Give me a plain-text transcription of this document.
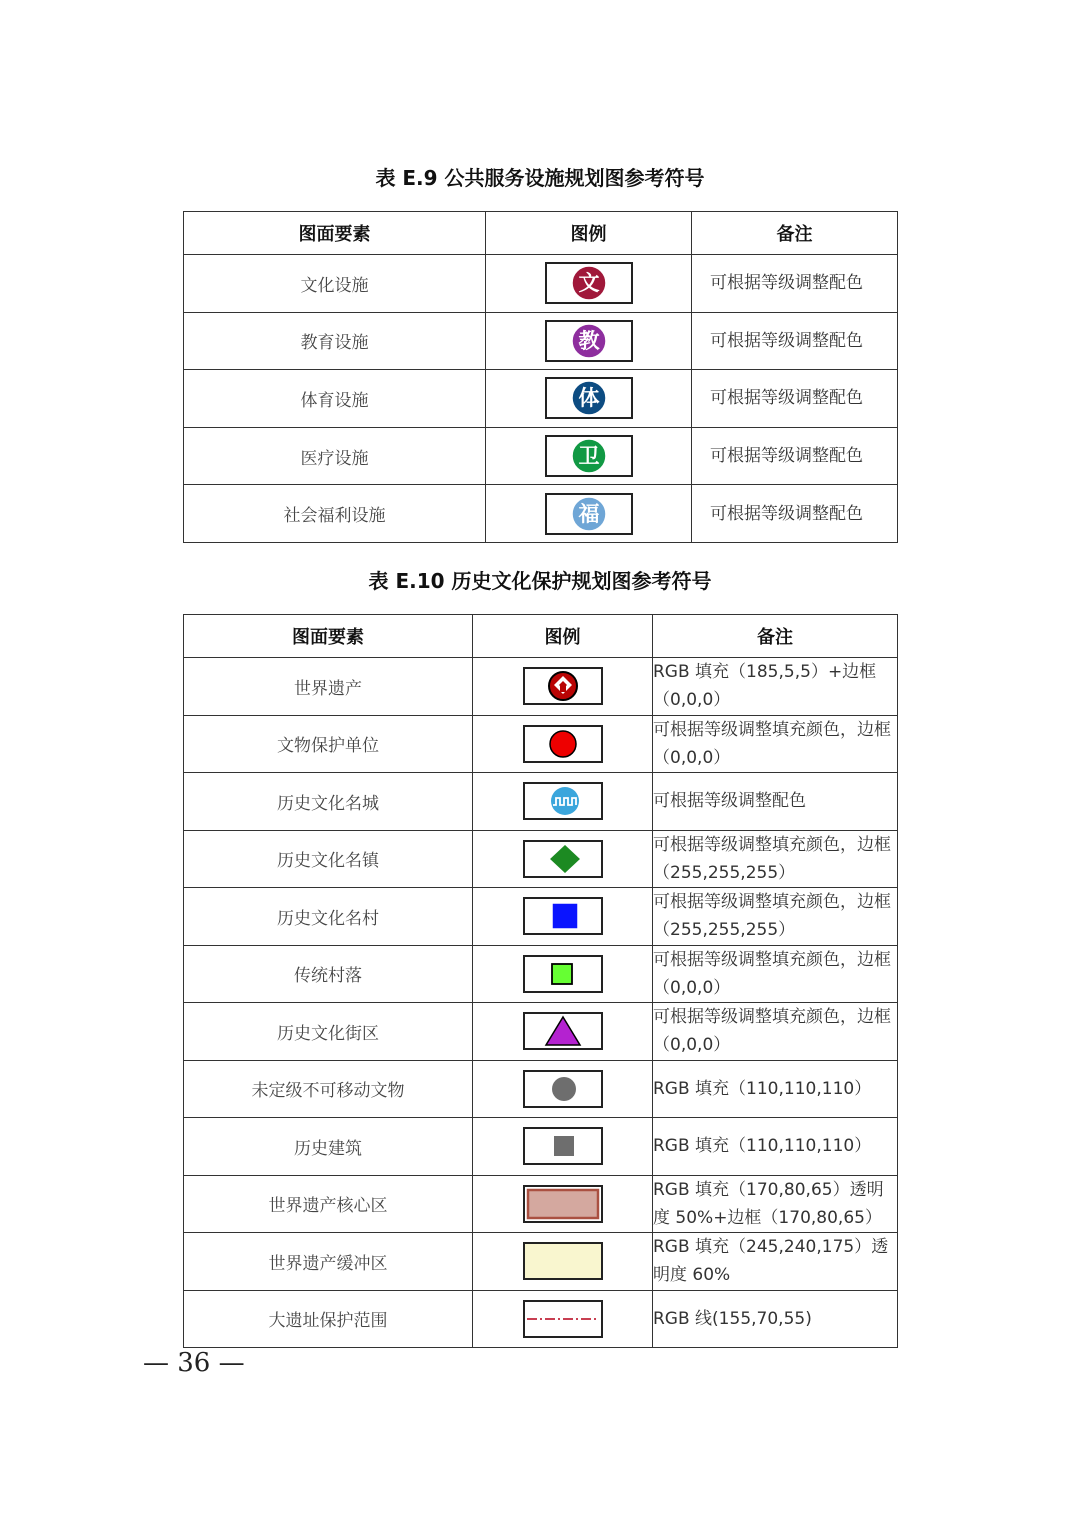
表 E.9 公共服务设施规划图参考符号
图面要素	图例	备注
文化设施	文	可根据等级调整配色
教育设施	教	可根据等级调整配色
体育设施	体	可根据等级调整配色
医疗设施	卫	可根据等级调整配色
社会福利设施	福	可根据等级调整配色
表 E.10 历史文化保护规划图参考符号
图面要素	图例	备注
世界遗产		RGB 填充（185,5,5）+边框（0,0,0）
文物保护单位		可根据等级调整填充颜色，边框（0,0,0）
历史文化名城		可根据等级调整配色
历史文化名镇		可根据等级调整填充颜色，边框（255,255,255）
历史文化名村		可根据等级调整填充颜色，边框（255,255,255）
传统村落		可根据等级调整填充颜色，边框（0,0,0）
历史文化街区		可根据等级调整填充颜色，边框（0,0,0）
未定级不可移动文物		RGB 填充（110,110,110）
历史建筑		RGB 填充（110,110,110）
世界遗产核心区		RGB 填充（170,80,65）透明度 50%+边框（170,80,65）
世界遗产缓冲区		RGB 填充（245,240,175）透明度 60%
大遗址保护范围		RGB 线(155,70,55)
— 36 —
